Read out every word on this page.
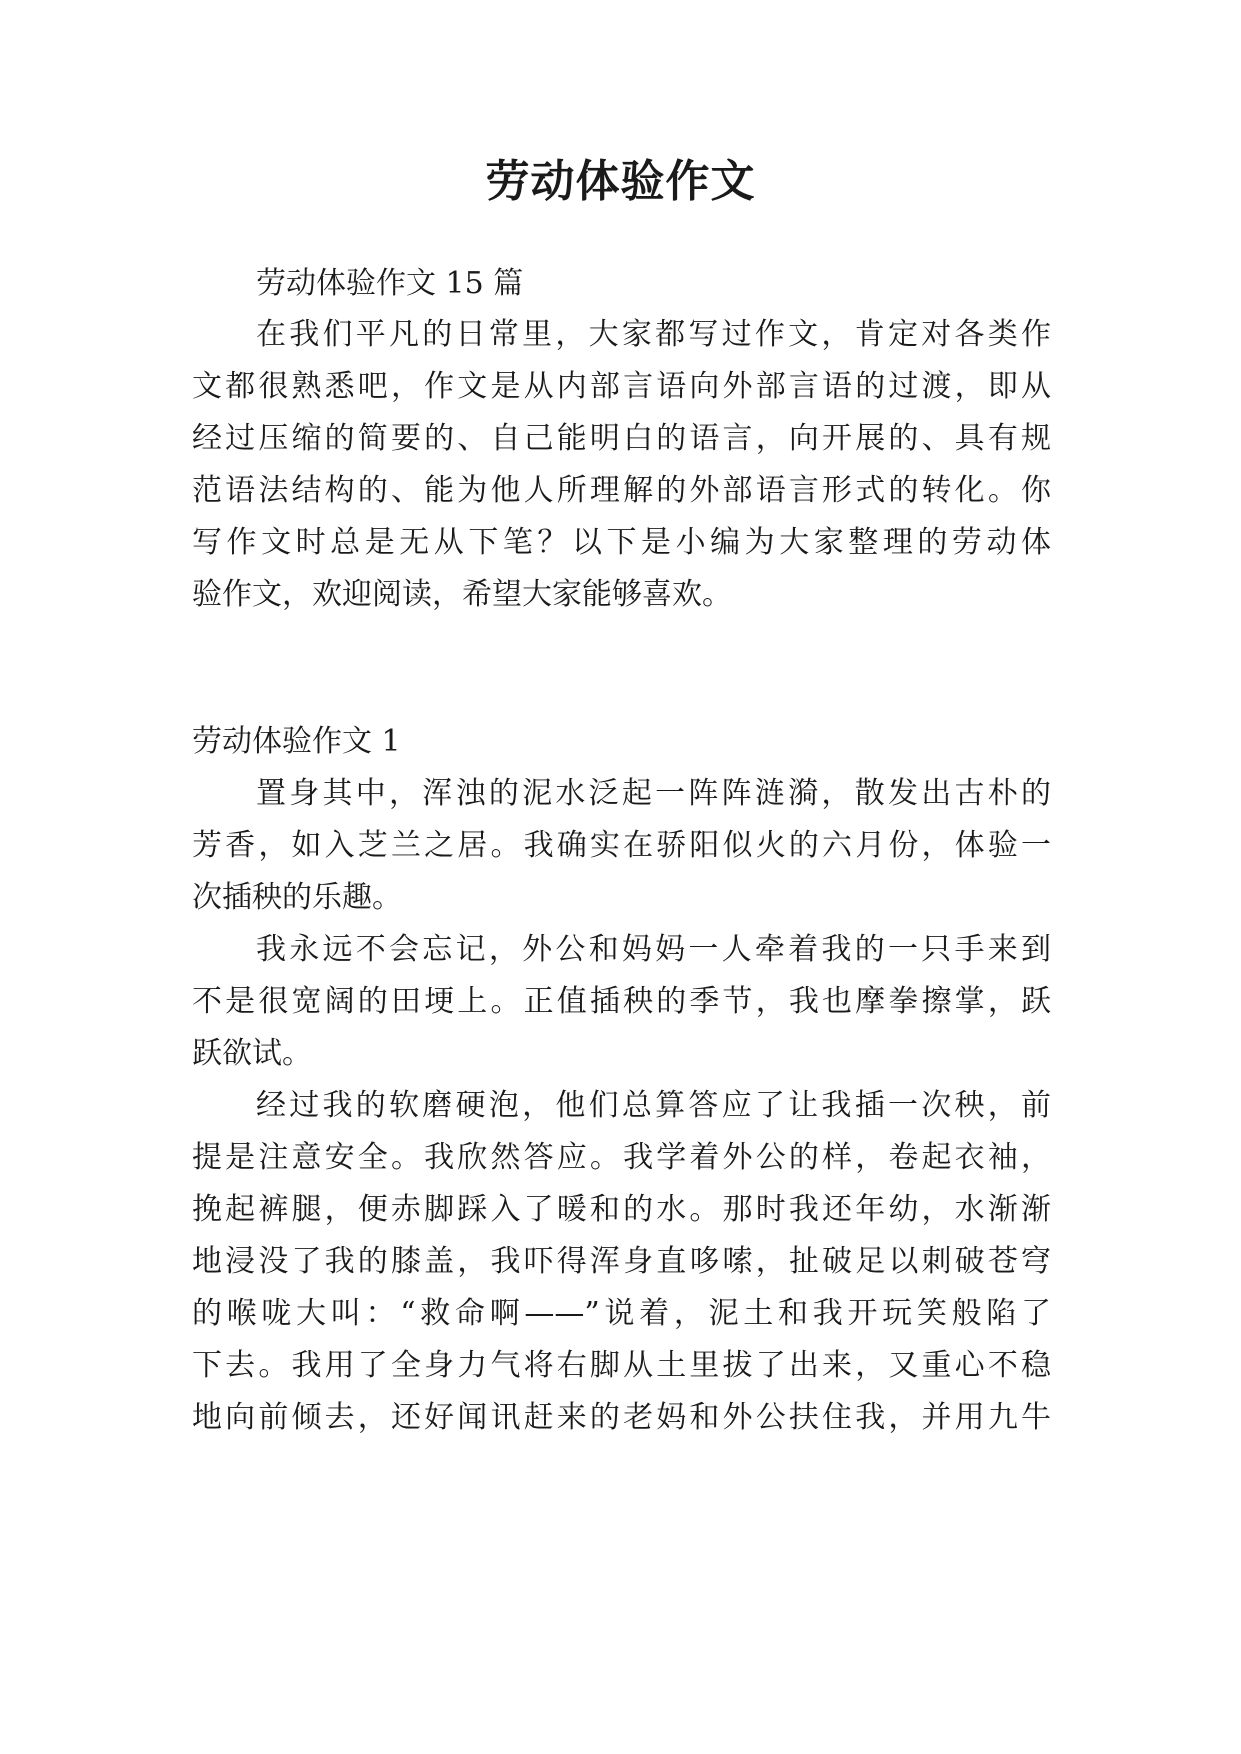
劳动体验作文

劳动体验作文 15 篇

在我们平凡的日常里，大家都写过作文，肯定对各类作

文都很熟悉吧，作文是从内部言语向外部言语的过渡，即从

经过压缩的简要的、自己能明白的语言，向开展的、具有规

范语法结构的、能为他人所理解的外部语言形式的转化。你

写作文时总是无从下笔？以下是小编为大家整理的劳动体

验作文，欢迎阅读，希望大家能够喜欢。

劳动体验作文 1

置身其中，浑浊的泥水泛起一阵阵涟漪，散发出古朴的

芳香，如入芝兰之居。我确实在骄阳似火的六月份，体验一

次插秧的乐趣。

我永远不会忘记，外公和妈妈一人牵着我的一只手来到

不是很宽阔的田埂上。正值插秧的季节，我也摩拳擦掌，跃

跃欲试。

经过我的软磨硬泡，他们总算答应了让我插一次秧，前

提是注意安全。我欣然答应。我学着外公的样，卷起衣袖，

挽起裤腿，便赤脚踩入了暖和的水。那时我还年幼，水渐渐

地浸没了我的膝盖，我吓得浑身直哆嗦，扯破足以刺破苍穹

的喉咙大叫：“救命啊——”说着，泥土和我开玩笑般陷了

下去。我用了全身力气将右脚从土里拔了出来，又重心不稳

地向前倾去，还好闻讯赶来的老妈和外公扶住我，并用九牛
